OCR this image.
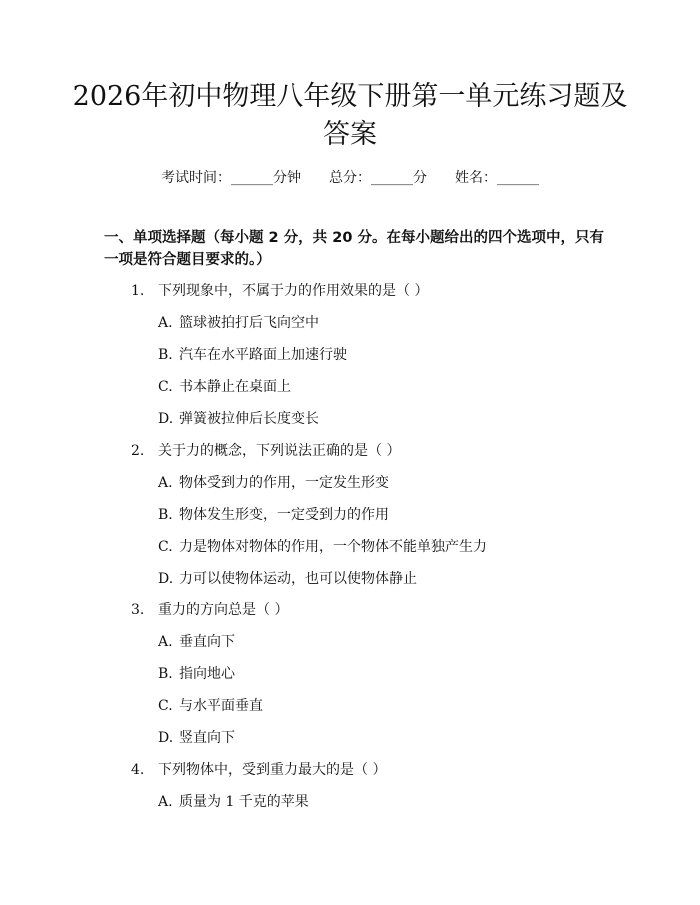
2026年初中物理八年级下册第一单元练习题及答案
考试时间：______分钟 总分：______分 姓名：______
一、单项选择题（每小题 2 分，共 20 分。在每小题给出的四个选项中，只有一项是符合题目要求的。）
1. 下列现象中，不属于力的作用效果的是（ ）
A. 篮球被拍打后飞向空中
B. 汽车在水平路面上加速行驶
C. 书本静止在桌面上
D. 弹簧被拉伸后长度变长
2. 关于力的概念，下列说法正确的是（ ）
A. 物体受到力的作用，一定发生形变
B. 物体发生形变，一定受到力的作用
C. 力是物体对物体的作用，一个物体不能单独产生力
D. 力可以使物体运动，也可以使物体静止
3. 重力的方向总是（ ）
A. 垂直向下
B. 指向地心
C. 与水平面垂直
D. 竖直向下
4. 下列物体中，受到重力最大的是（ ）
A. 质量为 1 千克的苹果
